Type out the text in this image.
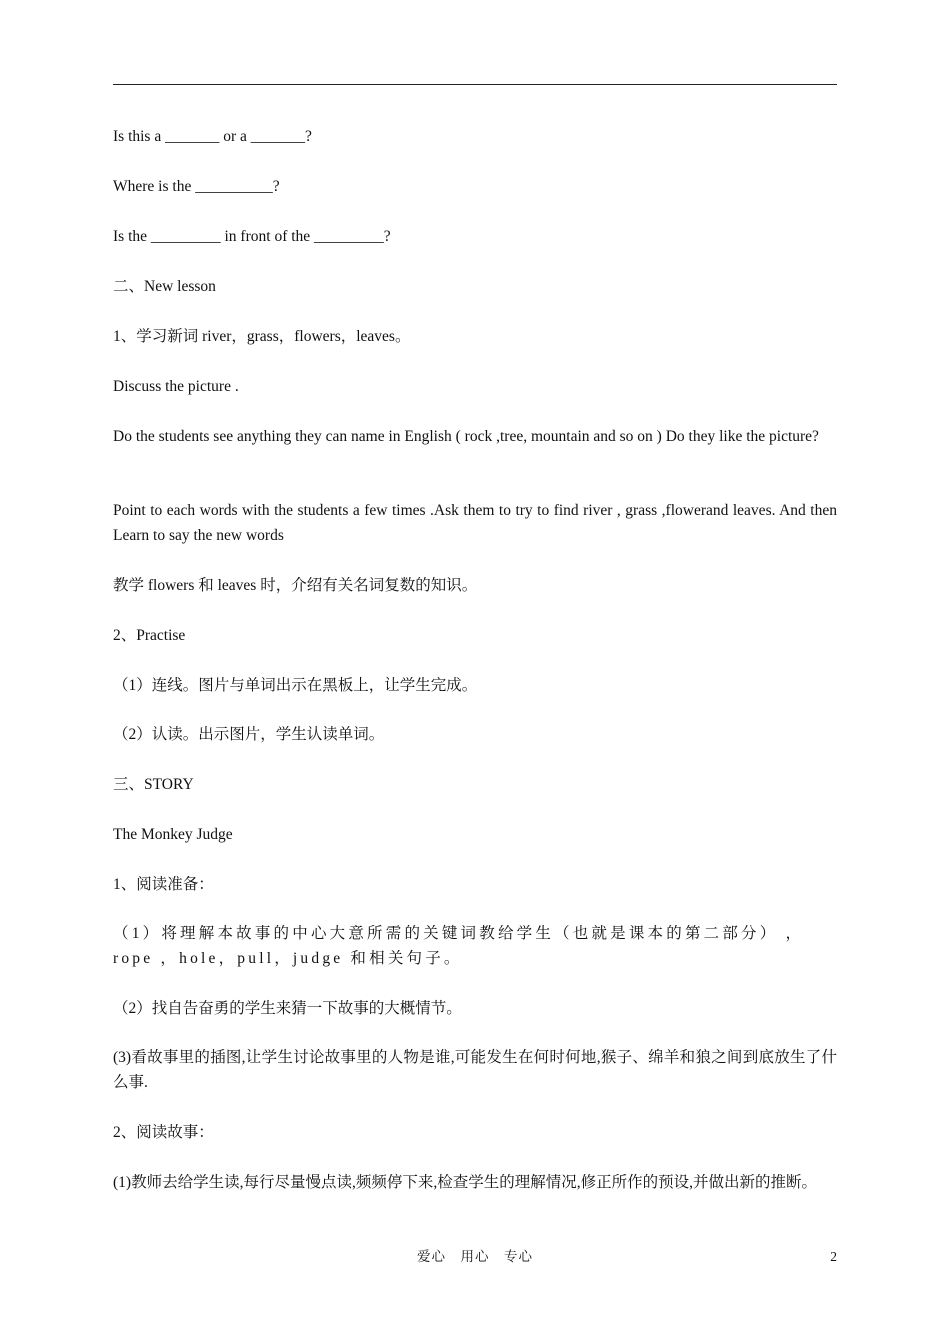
Is this a _______ or a _______?

Where is the __________?

Is the _________ in front of the _________?

二、New lesson

1、学习新词 river，grass，flowers，leaves。

Discuss the picture .

Do the students see anything they can name in English ( rock ,tree, mountain and so on ) Do they like the picture?

Point to each words with the students a few times .Ask them to try to find river , grass ,flowerand leaves. And then Learn to say the new words

教学 flowers 和 leaves 时，介绍有关名词复数的知识。

2、Practise

（1）连线。图片与单词出示在黑板上，让学生完成。

（2）认读。出示图片，学生认读单词。

三、STORY

The Monkey Judge

1、阅读准备：

（1）将理解本故事的中心大意所需的关键词教给学生（也就是课本的第二部分） ，rope ，hole，pull，judge 和相关句子。

（2）找自告奋勇的学生来猜一下故事的大概情节。

(3)看故事里的插图,让学生讨论故事里的人物是谁,可能发生在何时何地,猴子、绵羊和狼之间到底放生了什么事.

2、阅读故事：

(1)教师去给学生读,每行尽量慢点读,频频停下来,检查学生的理解情况,修正所作的预设,并做出新的推断。

爱心　用心　专心	2
